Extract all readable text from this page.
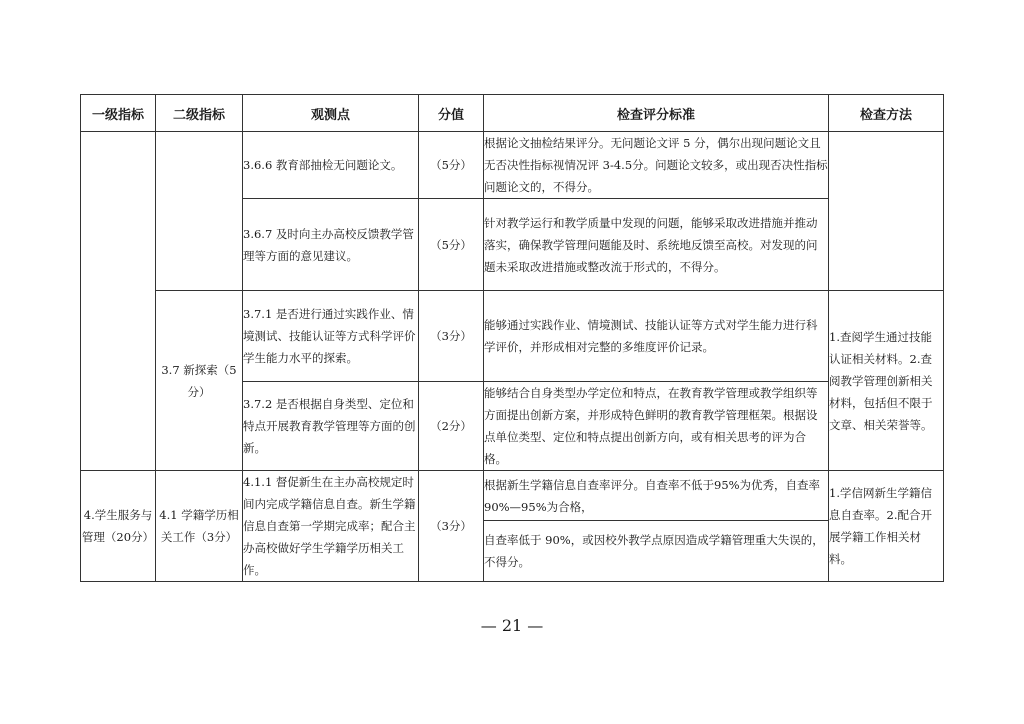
一级指标	二级指标	观测点	分值	检查评分标准	检查方法
		3.6.6 教育部抽检无问题论文。	（5分）	根据论文抽检结果评分。无问题论文评 5 分，偶尔出现问题论文且无否决性指标视情况评 3-4.5分。问题论文较多，或出现否决性指标问题论文的，不得分。	
		3.6.7 及时向主办高校反馈教学管理等方面的意见建议。	（5分）	针对教学运行和教学质量中发现的问题，能够采取改进措施并推动落实，确保教学管理问题能及时、系统地反馈至高校。对发现的问题未采取改进措施或整改流于形式的，不得分。	
	3.7 新探索（5分）	3.7.1 是否进行通过实践作业、情境测试、技能认证等方式科学评价学生能力水平的探索。	（3分）	能够通过实践作业、情境测试、技能认证等方式对学生能力进行科学评价，并形成相对完整的多维度评价记录。	1.查阅学生通过技能认证相关材料。2.查阅教学管理创新相关材料，包括但不限于文章、相关荣誉等。
		3.7.2 是否根据自身类型、定位和特点开展教育教学管理等方面的创新。	（2分）	能够结合自身类型办学定位和特点，在教育教学管理或教学组织等方面提出创新方案，并形成特色鲜明的教育教学管理框架。根据设点单位类型、定位和特点提出创新方向，或有相关思考的评为合格。	
4.学生服务与管理（20分）	4.1 学籍学历相关工作（3分）	4.1.1 督促新生在主办高校规定时间内完成学籍信息自查。新生学籍信息自查第一学期完成率；配合主办高校做好学生学籍学历相关工作。	（3分）	根据新生学籍信息自查率评分。自查率不低于95%为优秀，自查率 90%—95%为合格，	1.学信网新生学籍信息自查率。2.配合开展学籍工作相关材料。
				自查率低于 90%，或因校外教学点原因造成学籍管理重大失误的，不得分。	
— 21 —
